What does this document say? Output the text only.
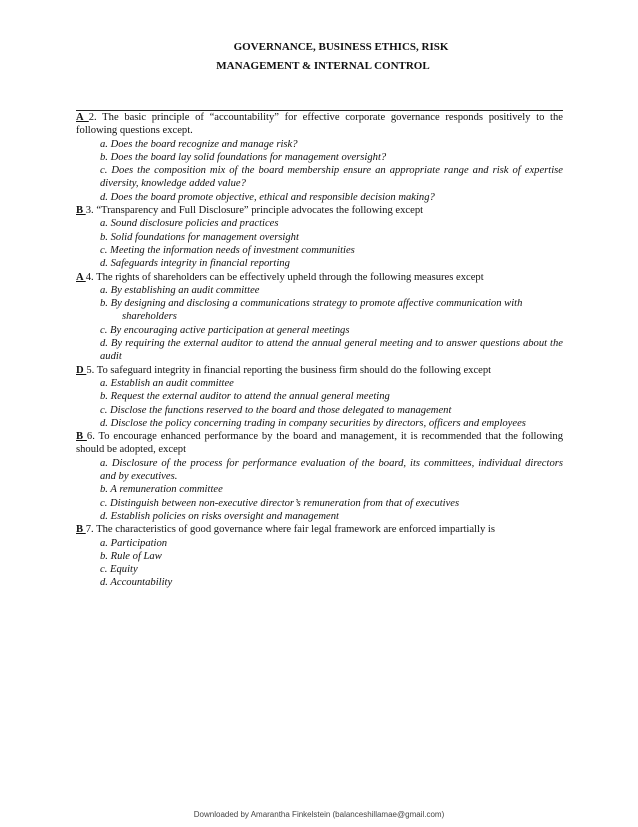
GOVERNANCE, BUSINESS ETHICS, RISK
MANAGEMENT & INTERNAL CONTROL
A 2. The basic principle of “accountability” for effective corporate governance responds positively to the following questions except.
a. Does the board recognize and manage risk?
b. Does the board lay solid foundations for management oversight?
c. Does the composition mix of the board membership ensure an appropriate range and risk of expertise diversity, knowledge added value?
d. Does the board promote objective, ethical and responsible decision making?
B 3. “Transparency and Full Disclosure” principle advocates the following except
a. Sound disclosure policies and practices
b. Solid foundations for management oversight
c. Meeting the information needs of investment communities
d. Safeguards integrity in financial reporting
A 4. The rights of shareholders can be effectively upheld through the following measures except
a. By establishing an audit committee
b. By designing and disclosing a communications strategy to promote affective communication with
shareholders
c. By encouraging active participation at general meetings
d. By requiring the external auditor to attend the annual general meeting and to answer questions about the audit
D 5. To safeguard integrity in financial reporting the business firm should do the following except
a. Establish an audit committee
b. Request the external auditor to attend the annual general meeting
c. Disclose the functions reserved to the board and those delegated to management
d. Disclose the policy concerning trading in company securities by directors, officers and employees
B 6. To encourage enhanced performance by the board and management, it is recommended that the following should be adopted, except
a. Disclosure of the process for performance evaluation of the board, its committees, individual directors and by executives.
b. A remuneration committee
c. Distinguish between non-executive director’s remuneration from that of executives
d. Establish policies on risks oversight and management
B 7. The characteristics of good governance where fair legal framework are enforced impartially is
a. Participation
b. Rule of Law
c. Equity
d. Accountability
Downloaded by Amarantha Finkelstein (balanceshillamae@gmail.com)
